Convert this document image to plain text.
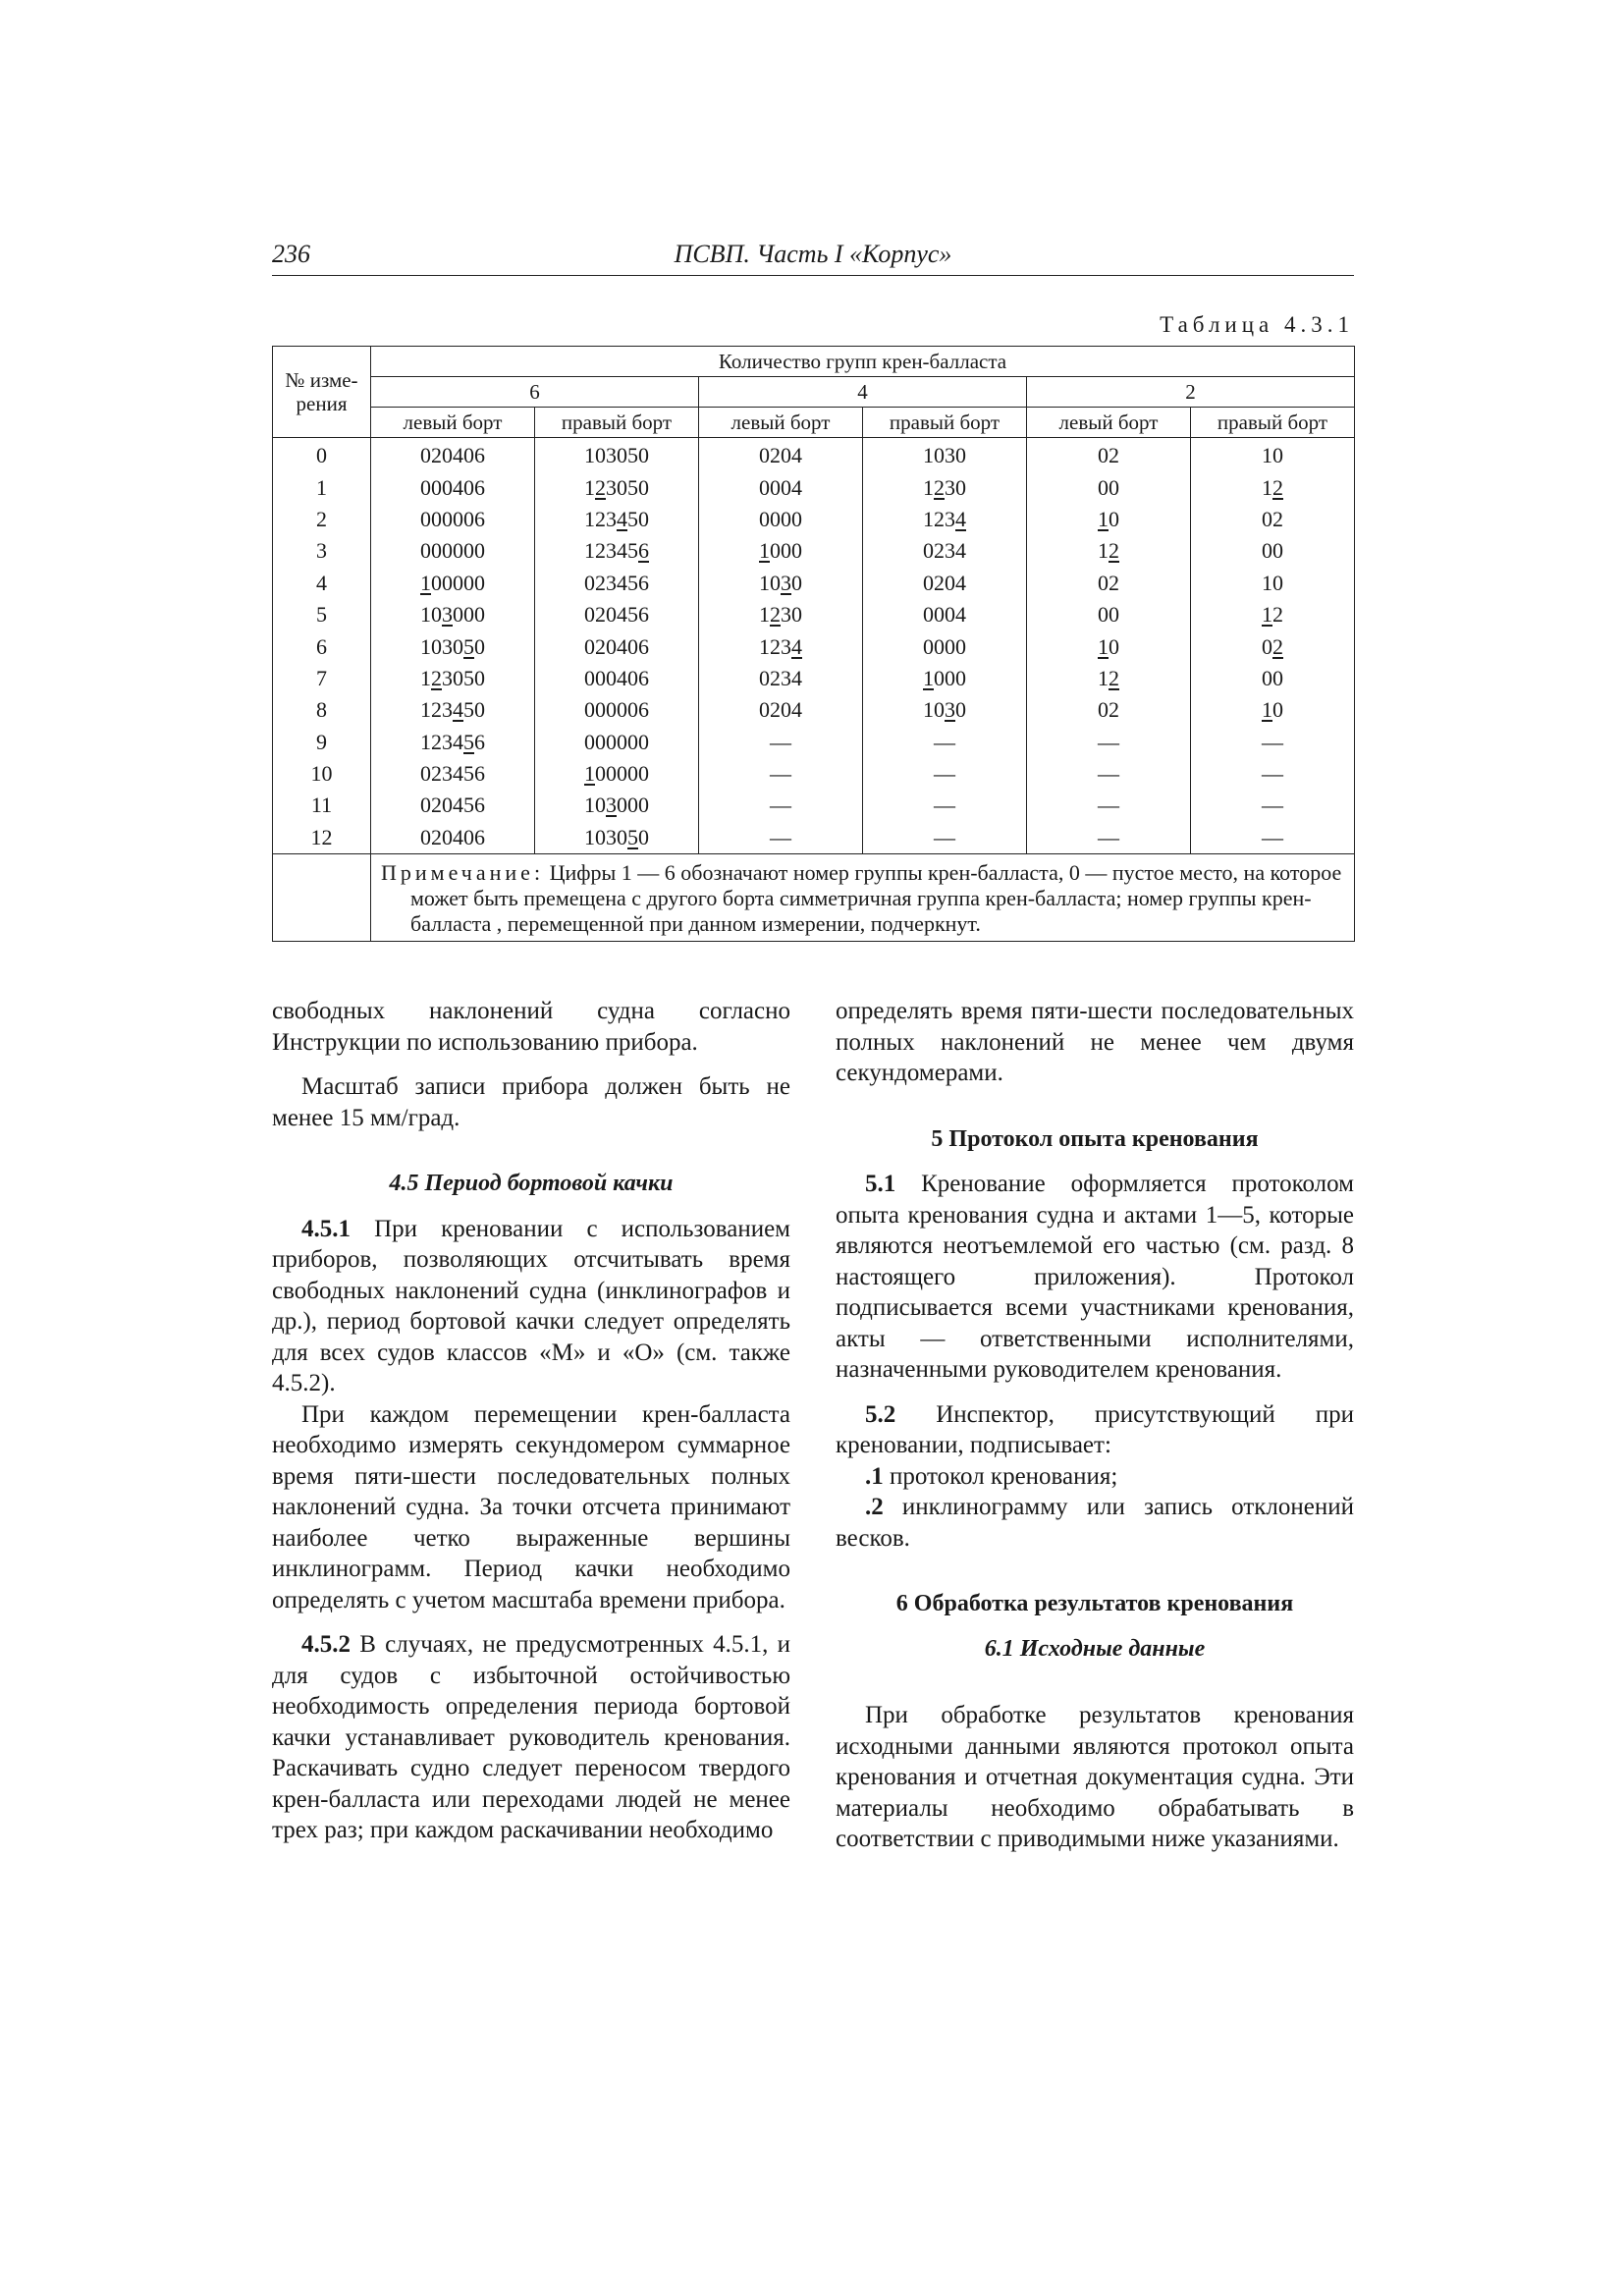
236	ПСВП. Часть I «Корпус»
Таблица 4.3.1
№ изме-
рения	Количество групп крен-балласта					
	6		4		2	
	левый борт	правый борт	левый борт	правый борт	левый борт	правый борт
0	020406	103050	0204	1030	02	10
1	000406	123050	0004	1230	00	12
2	000006	123450	0000	1234	10	02
3	000000	123456	1000	0234	12	00
4	100000	023456	1030	0204	02	10
5	103000	020456	1230	0004	00	12
6	103050	020406	1234	0000	10	02
7	123050	000406	0234	1000	12	00
8	123450	000006	0204	1030	02	10
9	123456	000000	—	—	—	—
10	023456	100000	—	—	—	—
11	020456	103000	—	—	—	—
12	020406	103050	—	—	—	—

	Примечание: Цифры 1 — 6 обозначают номер группы крен-балласта, 0 — пустое место, на которое может быть премещена с другого борта симметричная группа крен-балласта; номер группы крен-балласта , перемещенной при данном измерении, подчеркнут.					

свободных наклонений судна согласно Инструкции по использованию прибора.

Масштаб записи прибора должен быть не менее 15 мм/град.

4.5 Период бортовой качки

4.5.1 При креновании с использованием приборов, позволяющих отсчитывать время свободных наклонений судна (инклинографов и др.), период бортовой качки следует определять для всех судов классов «М» и «О» (см. также 4.5.2).

При каждом перемещении крен-балласта необходимо измерять секундомером суммарное время пяти-шести последовательных полных наклонений судна. За точки отсчета принимают наиболее четко выраженные вершины инклинограмм. Период качки необходимо определять с учетом масштаба времени прибора.

4.5.2 В случаях, не предусмотренных 4.5.1, и для судов с избыточной остойчивостью необходимость определения периода бортовой качки устанавливает руководитель кренования. Раскачивать судно следует переносом твердого крен-балласта или переходами людей не менее трех раз; при каждом раскачивании необходимо

определять время пяти-шести последовательных полных наклонений не менее чем двумя секундомерами.

5 Протокол опыта кренования

5.1 Кренование оформляется протоколом опыта кренования судна и актами 1—5, которые являются неотъемлемой его частью (см. разд. 8 настоящего приложения). Протокол подписывается всеми участниками кренования, акты — ответственными исполнителями, назначенными руководителем кренования.

5.2 Инспектор, присутствующий при креновании, подписывает:

.1 протокол кренования;

.2 инклинограмму или запись отклонений весков.

6 Обработка результатов кренования
6.1 Исходные данные

При обработке результатов кренования исходными данными являются протокол опыта кренования и отчетная документация судна. Эти материалы необходимо обрабатывать в соответствии с приводимыми ниже указаниями.
